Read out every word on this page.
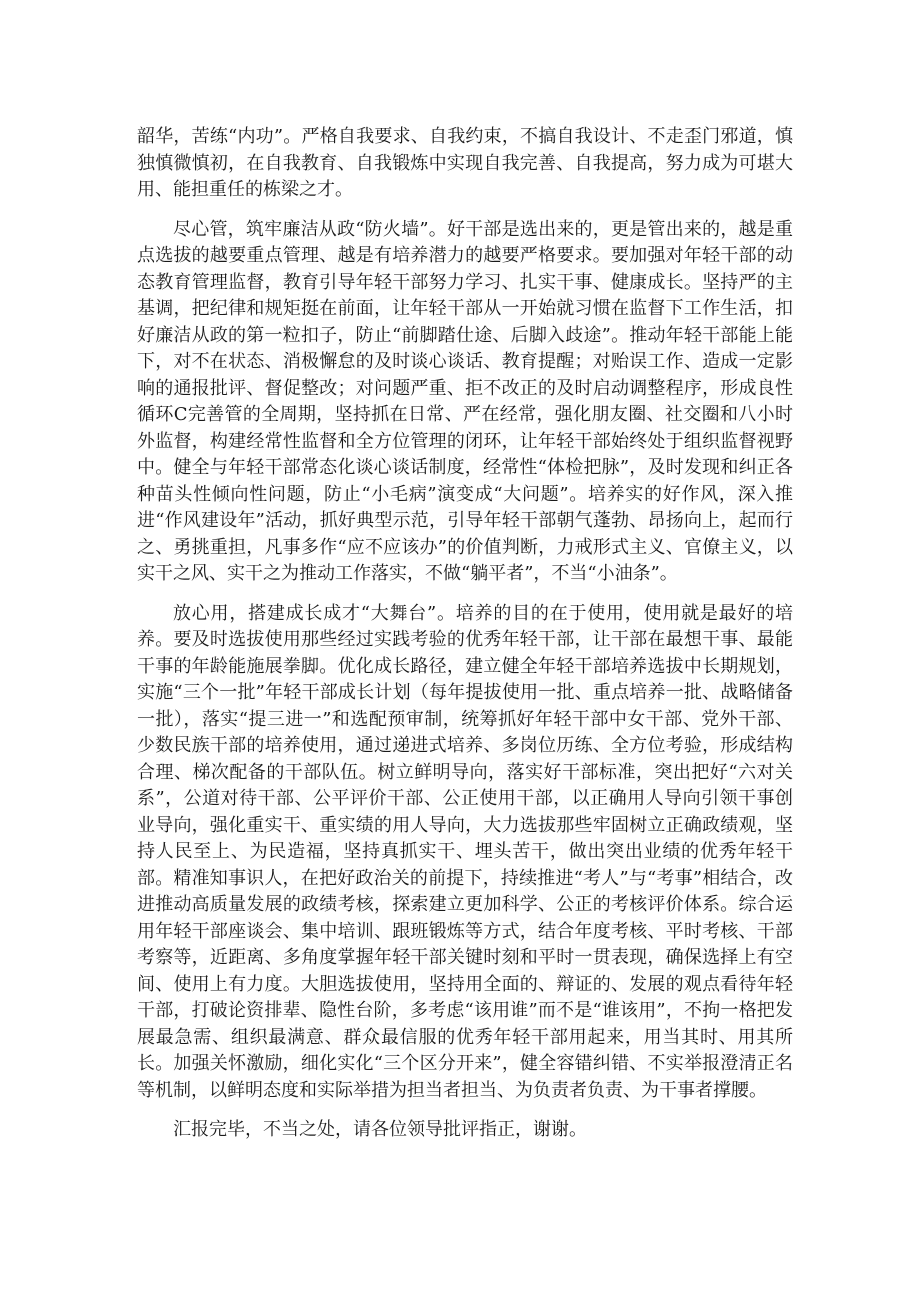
韶华，苦练“内功”。严格自我要求、自我约束，不搞自我设计、不走歪门邪道，慎独慎微慎初，在自我教育、自我锻炼中实现自我完善、自我提高，努力成为可堪大用、能担重任的栋梁之才。

尽心管，筑牢廉洁从政“防火墙”。好干部是选出来的，更是管出来的，越是重点选拔的越要重点管理、越是有培养潜力的越要严格要求。要加强对年轻干部的动态教育管理监督，教育引导年轻干部努力学习、扎实干事、健康成长。坚持严的主基调，把纪律和规矩挺在前面，让年轻干部从一开始就习惯在监督下工作生活，扣好廉洁从政的第一粒扣子，防止“前脚踏仕途、后脚入歧途”。推动年轻干部能上能下，对不在状态、消极懈怠的及时谈心谈话、教育提醒；对贻误工作、造成一定影响的通报批评、督促整改；对问题严重、拒不改正的及时启动调整程序，形成良性循环C完善管的全周期，坚持抓在日常、严在经常，强化朋友圈、社交圈和八小时外监督，构建经常性监督和全方位管理的闭环，让年轻干部始终处于组织监督视野中。健全与年轻干部常态化谈心谈话制度，经常性“体检把脉”，及时发现和纠正各种苗头性倾向性问题，防止“小毛病”演变成“大问题”。培养实的好作风，深入推进“作风建设年”活动，抓好典型示范，引导年轻干部朝气蓬勃、昂扬向上，起而行之、勇挑重担，凡事多作“应不应该办”的价值判断，力戒形式主义、官僚主义，以实干之风、实干之为推动工作落实，不做“躺平者”，不当“小油条”。

放心用，搭建成长成才“大舞台”。培养的目的在于使用，使用就是最好的培养。要及时选拔使用那些经过实践考验的优秀年轻干部，让干部在最想干事、最能干事的年龄能施展拳脚。优化成长路径，建立健全年轻干部培养选拔中长期规划，实施“三个一批”年轻干部成长计划（每年提拔使用一批、重点培养一批、战略储备一批），落实“提三进一”和选配预审制，统筹抓好年轻干部中女干部、党外干部、少数民族干部的培养使用，通过递进式培养、多岗位历练、全方位考验，形成结构合理、梯次配备的干部队伍。树立鲜明导向，落实好干部标准，突出把好“六对关系”，公道对待干部、公平评价干部、公正使用干部，以正确用人导向引领干事创业导向，强化重实干、重实绩的用人导向，大力选拔那些牢固树立正确政绩观，坚持人民至上、为民造福，坚持真抓实干、埋头苦干，做出突出业绩的优秀年轻干部。精准知事识人，在把好政治关的前提下，持续推进“考人”与“考事”相结合，改进推动高质量发展的政绩考核，探索建立更加科学、公正的考核评价体系。综合运用年轻干部座谈会、集中培训、跟班锻炼等方式，结合年度考核、平时考核、干部考察等，近距离、多角度掌握年轻干部关键时刻和平时一贯表现，确保选择上有空间、使用上有力度。大胆选拔使用，坚持用全面的、辩证的、发展的观点看待年轻干部，打破论资排辈、隐性台阶，多考虑“该用谁”而不是“谁该用”，不拘一格把发展最急需、组织最满意、群众最信服的优秀年轻干部用起来，用当其时、用其所长。加强关怀激励，细化实化“三个区分开来”，健全容错纠错、不实举报澄清正名等机制，以鲜明态度和实际举措为担当者担当、为负责者负责、为干事者撑腰。

汇报完毕，不当之处，请各位领导批评指正，谢谢。
